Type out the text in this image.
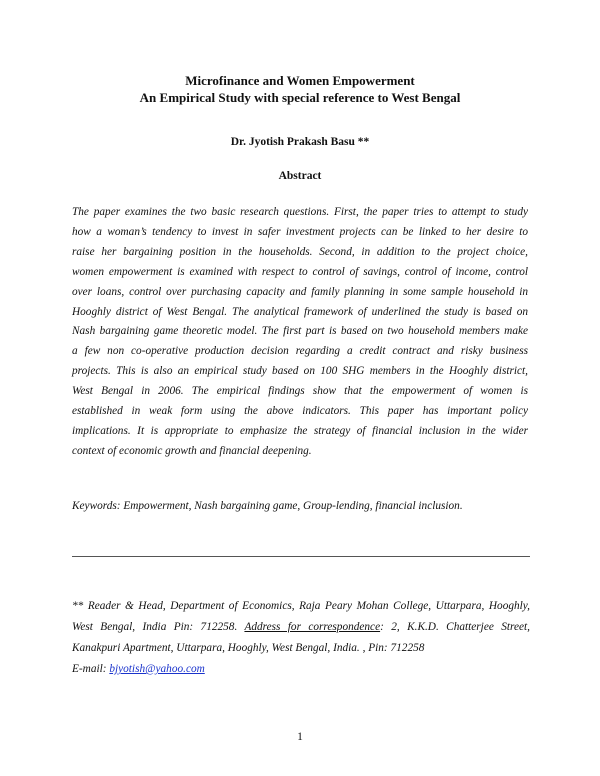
Microfinance and Women Empowerment
An Empirical Study with special reference to West Bengal
Dr. Jyotish Prakash Basu **
Abstract
The paper examines the two basic research questions. First, the paper tries to attempt to study
how a woman’s tendency to invest in safer investment projects can be linked to her desire to
raise her bargaining position in the households. Second, in addition to the project choice,
women empowerment is examined with respect to control of savings, control of income, control
over loans, control over purchasing capacity and family planning in some sample household in
Hooghly district of West Bengal. The analytical framework of underlined the study is based on
Nash bargaining game theoretic model. The first part is based on two household members make
a few non co-operative production decision regarding a credit contract and risky business
projects. This is also an empirical study based on 100 SHG members in the Hooghly district,
West Bengal in 2006. The empirical findings show that the empowerment of women is
established in weak form using the above indicators. This paper has important policy
implications. It is appropriate to emphasize the strategy of financial inclusion in the wider
context of economic growth and financial deepening.
Keywords: Empowerment, Nash bargaining game, Group-lending, financial inclusion.
** Reader & Head, Department of Economics, Raja Peary Mohan College, Uttarpara, Hooghly,
West Bengal, India Pin: 712258. Address for correspondence: 2, K.K.D. Chatterjee Street,
Kanakpuri Apartment, Uttarpara, Hooghly, West Bengal, India. , Pin: 712258
E-mail: bjyotish@yahoo.com
1
